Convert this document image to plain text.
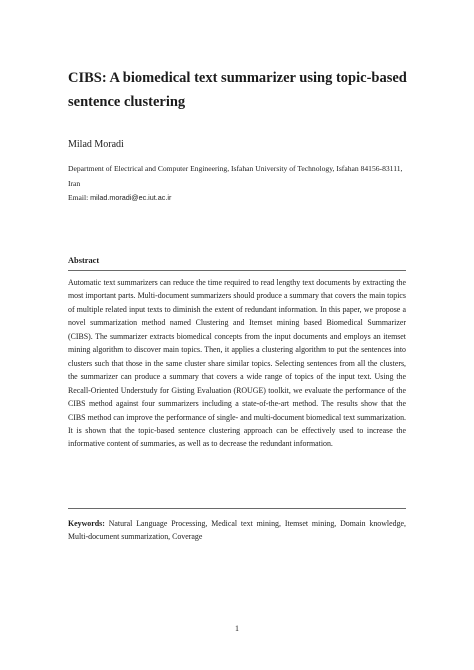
CIBS: A biomedical text summarizer using topic-based sentence clustering

Milad Moradi

Department of Electrical and Computer Engineering, Isfahan University of Technology, Isfahan 84156-83111, Iran
Email: milad.moradi@ec.iut.ac.ir

Abstract

Automatic text summarizers can reduce the time required to read lengthy text documents by extracting the most important parts. Multi-document summarizers should produce a summary that covers the main topics of multiple related input texts to diminish the extent of redundant information. In this paper, we propose a novel summarization method named Clustering and Itemset mining based Biomedical Summarizer (CIBS). The summarizer extracts biomedical concepts from the input documents and employs an itemset mining algorithm to discover main topics. Then, it applies a clustering algorithm to put the sentences into clusters such that those in the same cluster share similar topics. Selecting sentences from all the clusters, the summarizer can produce a summary that covers a wide range of topics of the input text. Using the Recall-Oriented Understudy for Gisting Evaluation (ROUGE) toolkit, we evaluate the performance of the CIBS method against four summarizers including a state-of-the-art method. The results show that the CIBS method can improve the performance of single- and multi-document biomedical text summarization. It is shown that the topic-based sentence clustering approach can be effectively used to increase the informative content of summaries, as well as to decrease the redundant information.

Keywords: Natural Language Processing, Medical text mining, Itemset mining, Domain knowledge, Multi-document summarization, Coverage

1
